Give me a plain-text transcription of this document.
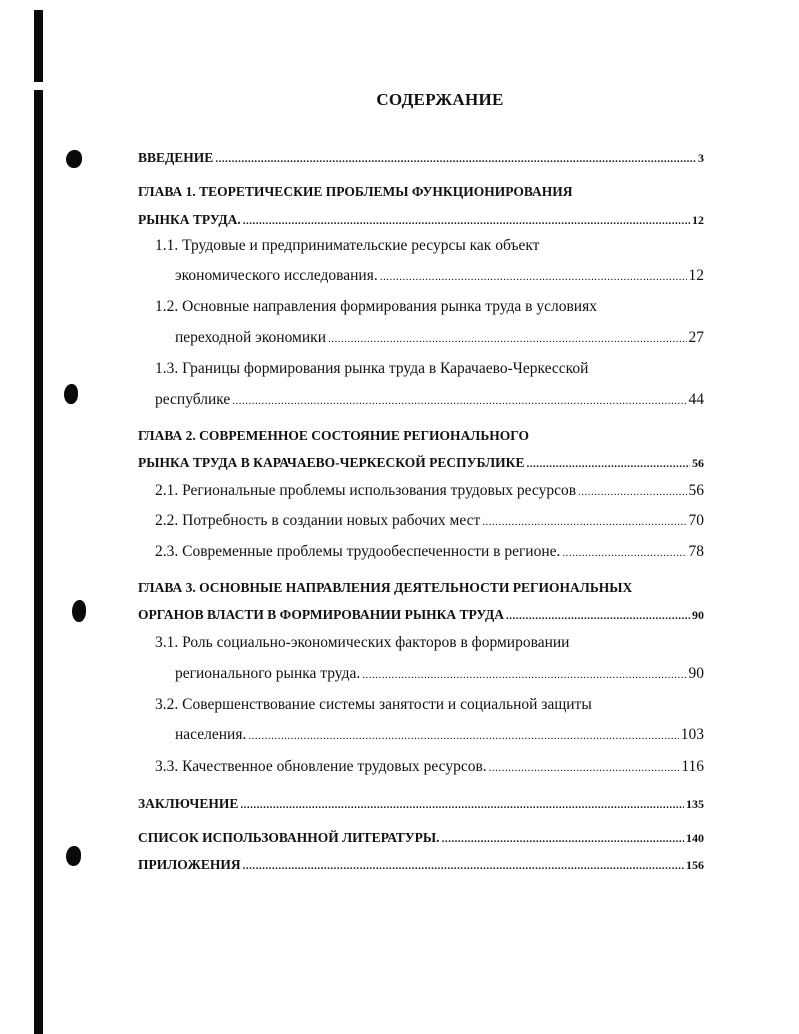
СОДЕРЖАНИЕ
ВВЕДЕНИЕ .....	3
ГЛАВА 1. ТЕОРЕТИЧЕСКИЕ ПРОБЛЕМЫ ФУНКЦИОНИРОВАНИЯ
РЫНКА ТРУДА. .....	12
1.1. Трудовые и предпринимательские ресурсы как объект
экономического исследования. .....	12
1.2. Основные направления формирования рынка труда в условиях
переходной экономики .....	27
1.3. Границы формирования рынка труда в Карачаево-Черкесской
республике .....	44
ГЛАВА 2. СОВРЕМЕННОЕ СОСТОЯНИЕ РЕГИОНАЛЬНОГО
РЫНКА ТРУДА В КАРАЧАЕВО-ЧЕРКЕСКОЙ РЕСПУБЛИКЕ .....	56
2.1. Региональные проблемы использования трудовых ресурсов .....	56
2.2. Потребность в создании новых рабочих мест .....	70
2.3. Современные проблемы трудообеспеченности в регионе. .....	78
ГЛАВА 3. ОСНОВНЫЕ НАПРАВЛЕНИЯ ДЕЯТЕЛЬНОСТИ РЕГИОНАЛЬНЫХ
ОРГАНОВ ВЛАСТИ В ФОРМИРОВАНИИ РЫНКА ТРУДА .....	90
3.1. Роль социально-экономических факторов в формировании
регионального рынка труда. .....	90
3.2. Совершенствование системы занятости и социальной защиты
населения. .....	103
3.3. Качественное обновление трудовых ресурсов. .....	116
ЗАКЛЮЧЕНИЕ .....	135
СПИСОК ИСПОЛЬЗОВАННОЙ ЛИТЕРАТУРЫ. .....	140
ПРИЛОЖЕНИЯ .....	156
